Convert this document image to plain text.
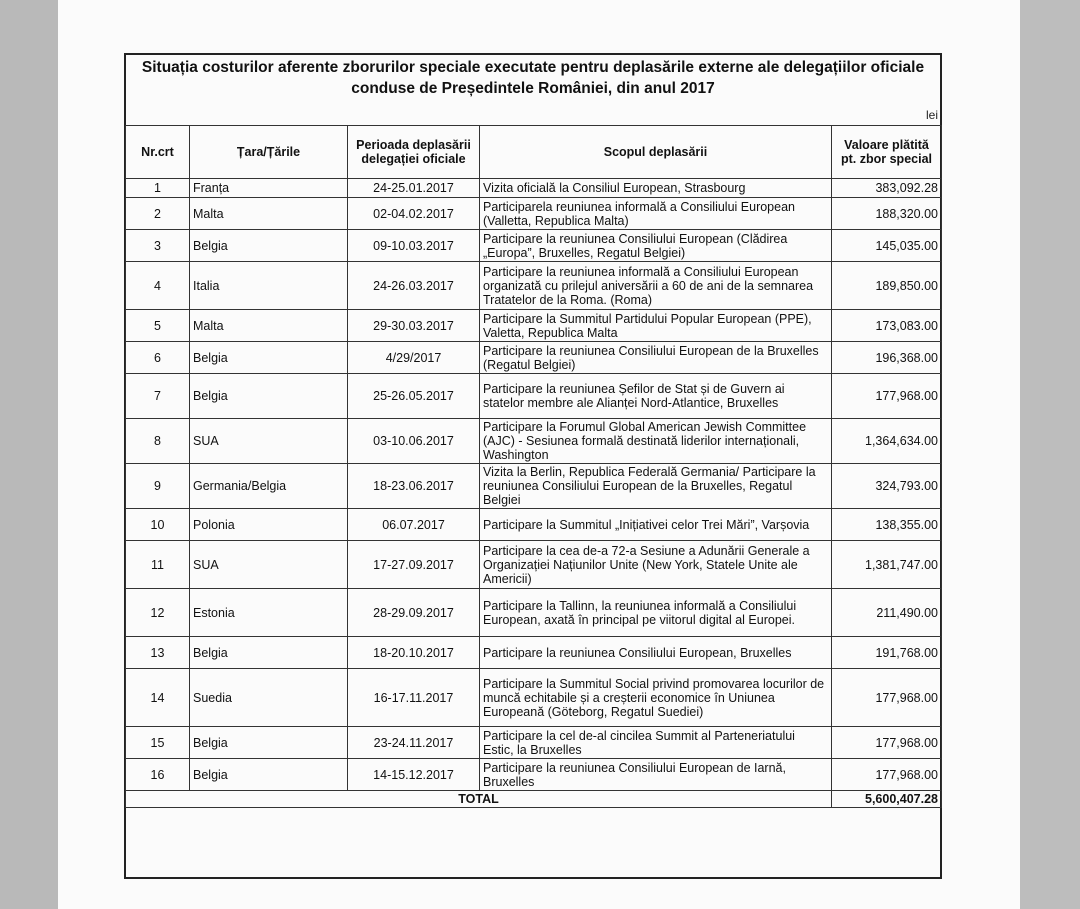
Situația costurilor aferente zborurilor speciale executate pentru deplasările externe ale delegațiilor oficiale conduse de Președintele României, din anul 2017
lei
Nr.crt	Țara/Țările	Perioada deplasării delegației oficiale	Scopul deplasării	Valoare plătită pt. zbor special
1	Franța	24-25.01.2017	Vizita oficială la Consiliul European, Strasbourg	383,092.28
2	Malta	02-04.02.2017	Participarela reuniunea informală a Consiliului European (Valletta, Republica Malta)	188,320.00
3	Belgia	09-10.03.2017	Participare la reuniunea Consiliului European (Clădirea „Europa”, Bruxelles, Regatul Belgiei)	145,035.00
4	Italia	24-26.03.2017	Participare la reuniunea informală a Consiliului European organizată cu prilejul aniversării a 60 de ani de la semnarea Tratatelor de la Roma. (Roma)	189,850.00
5	Malta	29-30.03.2017	Participare la Summitul Partidului Popular European (PPE), Valetta, Republica Malta	173,083.00
6	Belgia	4/29/2017	Participare la reuniunea Consiliului European de la Bruxelles (Regatul Belgiei)	196,368.00
7	Belgia	25-26.05.2017	Participare la reuniunea Șefilor de Stat și de Guvern ai statelor membre ale Alianței Nord-Atlantice, Bruxelles	177,968.00
8	SUA	03-10.06.2017	Participare la Forumul Global American Jewish Committee (AJC) - Sesiunea formală destinată liderilor internaționali, Washington	1,364,634.00
9	Germania/Belgia	18-23.06.2017	Vizita la Berlin, Republica Federală Germania/ Participare la reuniunea Consiliului European de la Bruxelles, Regatul Belgiei	324,793.00
10	Polonia	06.07.2017	Participare la Summitul „Inițiativei celor Trei Mări”, Varșovia	138,355.00
11	SUA	17-27.09.2017	Participare la cea de-a 72-a Sesiune a Adunării Generale a Organizației Națiunilor Unite (New York, Statele Unite ale Americii)	1,381,747.00
12	Estonia	28-29.09.2017	Participare la Tallinn, la reuniunea informală a Consiliului European, axată în principal pe viitorul digital al Europei.	211,490.00
13	Belgia	18-20.10.2017	Participare la reuniunea Consiliului European, Bruxelles	191,768.00
14	Suedia	16-17.11.2017	Participare la Summitul Social privind promovarea locurilor de muncă echitabile și a creșterii economice în Uniunea Europeană (Göteborg, Regatul Suediei)	177,968.00
15	Belgia	23-24.11.2017	Participare la cel de-al cincilea Summit al Parteneriatului Estic, la Bruxelles	177,968.00
16	Belgia	14-15.12.2017	Participare la reuniunea Consiliului European de Iarnă, Bruxelles	177,968.00
TOTAL				5,600,407.28
